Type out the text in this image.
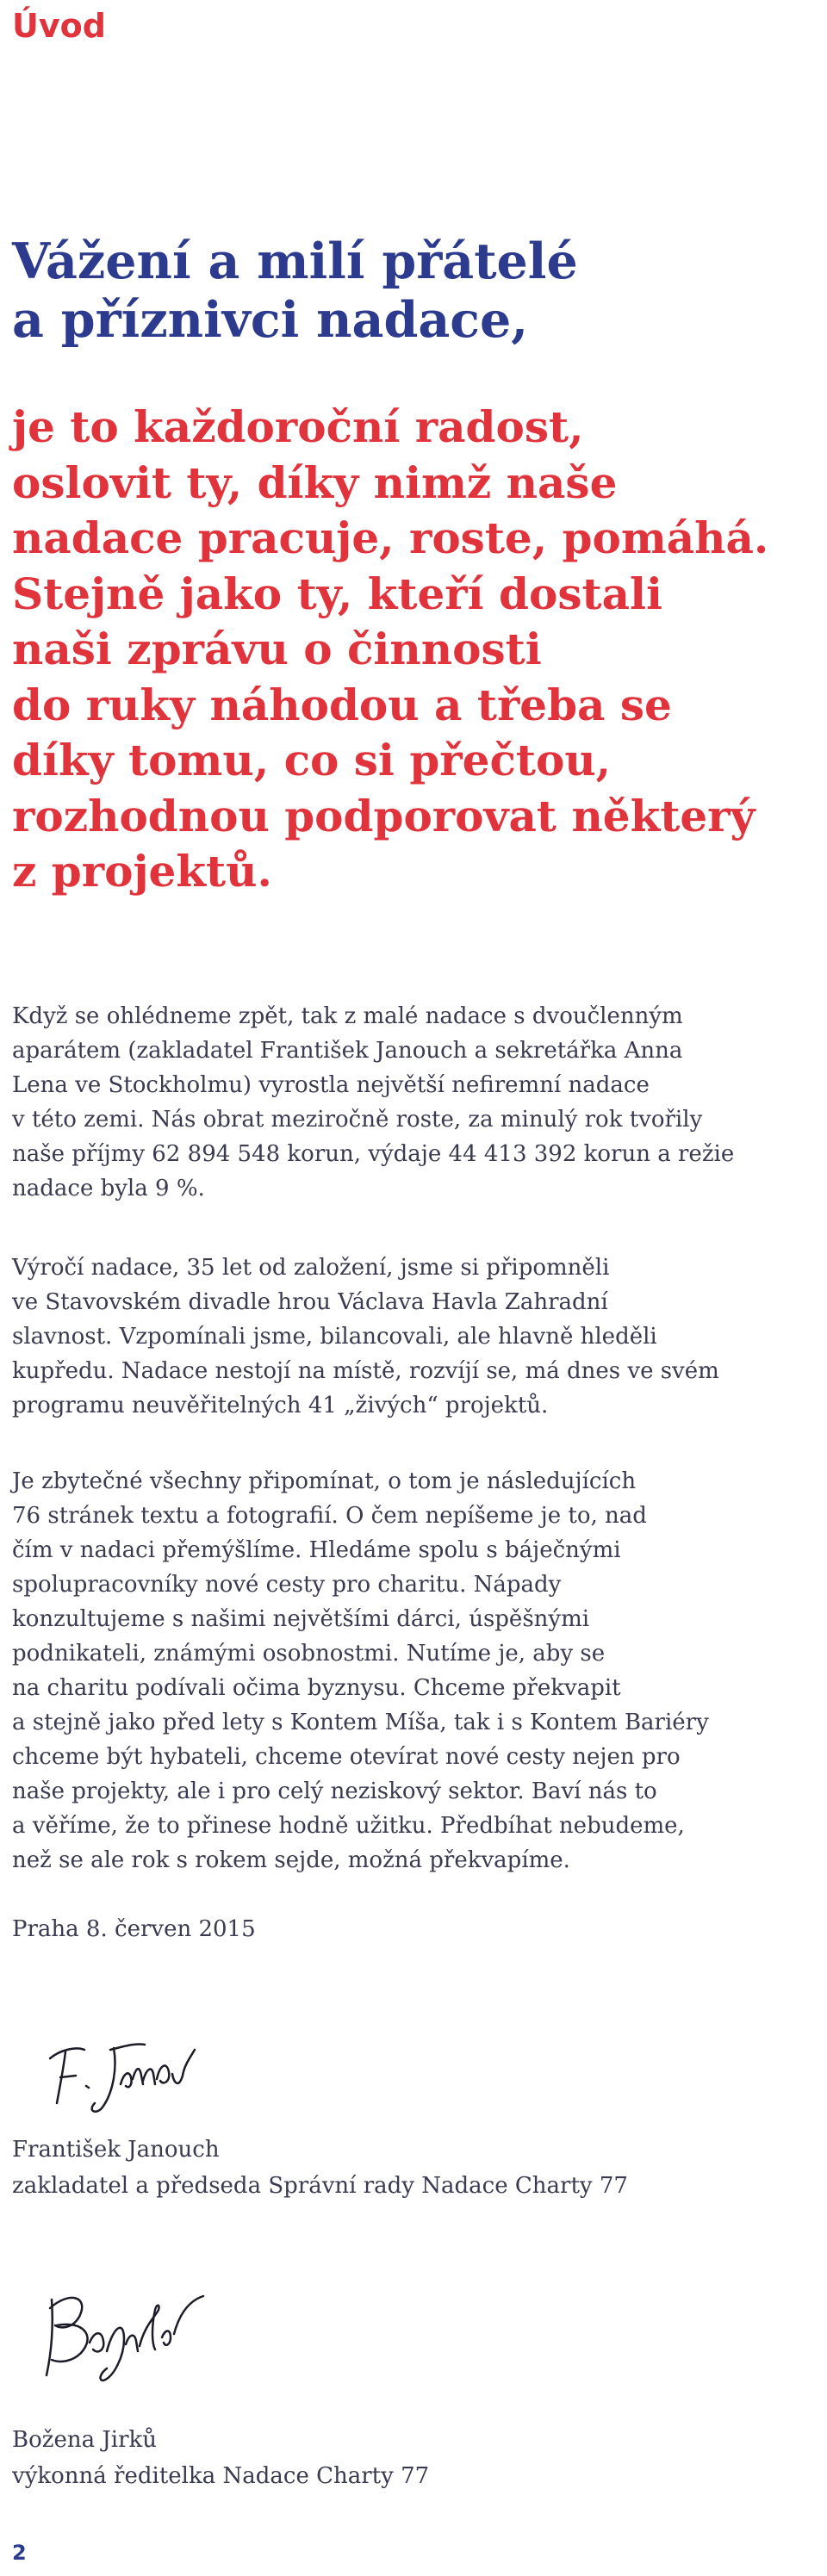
Úvod
Vážení a milí přátelé
a příznivci nadace,

je to každoroční radost,
oslovit ty, díky nimž naše
nadace pracuje, roste, pomáhá.
Stejně jako ty, kteří dostali
naši zprávu o činnosti
do ruky náhodou a třeba se
díky tomu, co si přečtou,
rozhodnou podporovat některý
z projektů.

Když se ohlédneme zpět, tak z malé nadace s dvoučlenným
aparátem (zakladatel František Janouch a sekretářka Anna
Lena ve Stockholmu) vyrostla největší nefiremní nadace
v této zemi. Nás obrat meziročně roste, za minulý rok tvořily
naše příjmy 62 894 548 korun, výdaje 44 413 392 korun a režie
nadace byla 9 %.

Výročí nadace, 35 let od založení, jsme si připomněli
ve Stavovském divadle hrou Václava Havla Zahradní
slavnost. Vzpomínali jsme, bilancovali, ale hlavně hleděli
kupředu. Nadace nestojí na místě, rozvíjí se, má dnes ve svém
programu neuvěřitelných 41 „živých“ projektů.

Je zbytečné všechny připomínat, o tom je následujících
76 stránek textu a fotografií. O čem nepíšeme je to, nad
čím v nadaci přemýšlíme. Hledáme spolu s báječnými
spolupracovníky nové cesty pro charitu. Nápady
konzultujeme s našimi největšími dárci, úspěšnými
podnikateli, známými osobnostmi. Nutíme je, aby se
na charitu podívali očima byznysu. Chceme překvapit
a stejně jako před lety s Kontem Míša, tak i s Kontem Bariéry
chceme být hybateli, chceme otevírat nové cesty nejen pro
naše projekty, ale i pro celý neziskový sektor. Baví nás to
a věříme, že to přinese hodně užitku. Předbíhat nebudeme,
než se ale rok s rokem sejde, možná překvapíme.

Praha 8. červen 2015

František Janouch
zakladatel a předseda Správní rady Nadace Charty 77

Božena Jirků
výkonná ředitelka Nadace Charty 77

2
